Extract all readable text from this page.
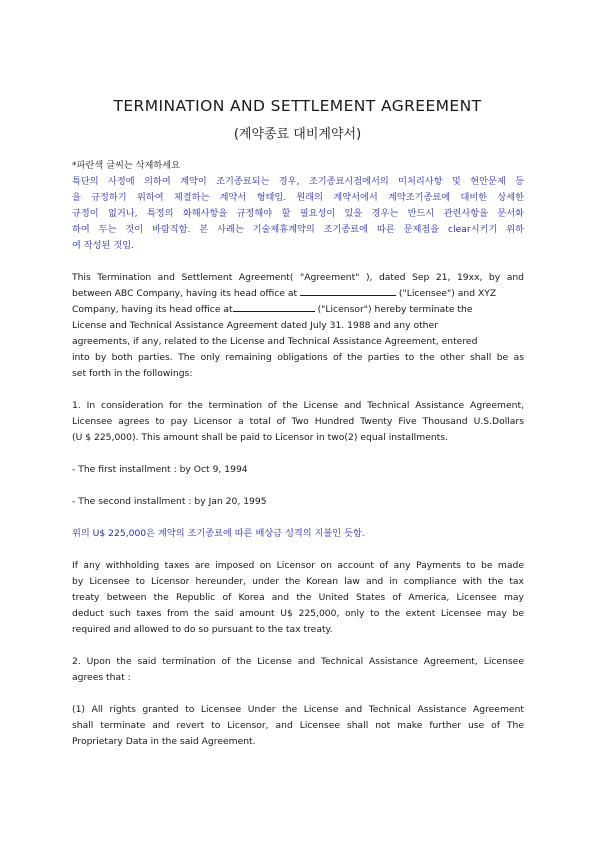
TERMINATION AND SETTLEMENT AGREEMENT
(계약종료 대비계약서)
*파란색 글씨는 삭제하세요
특단의 사정에 의하여 계약이 조기종료되는 경우, 조기종료시점에서의 미처리사항 및 현안문제 등
을 규정하기 위하여 체결하는 계약서 형태임. 원래의 계약서에서 계약조기종료에 대비한 상세한
규정이 없거나, 특정의 화해사항을 규정해야 할 필요성이 있을 경우는 반드시 관련사항을 문서화
하여 두는 것이 바람직함. 본 사례는 기술제휴계약의 조기종료에 따른 문제점을 clear시키기 위하
여 작성된 것임.
This Termination and Settlement Agreement( "Agreement" ), dated Sep 21, 19xx, by and
between ABC Company, having its head office at	("Licensee") and XYZ
Company, having its head office at	("Licensor") hereby terminate the
License and Technical Assistance Agreement dated July 31. 1988 and any other
agreements, if any, related to the License and Technical Assistance Agreement, entered
into by both parties. The only remaining obligations of the parties to the other shall be as
set forth in the followings:
1. In consideration for the termination of the License and Technical Assistance Agreement,
Licensee agrees to pay Licensor a total of Two Hundred Twenty Five Thousand U.S.Dollars
(U $ 225,000). This amount shall be paid to Licensor in two(2) equal installments.
- The first installment : by Oct 9, 1994
- The second installment : by Jan 20, 1995
위의 U$ 225,000은 계약의 조기종료에 따른 배상금 성격의 지불인 듯함.
If any withholding taxes are imposed on Licensor on account of any Payments to be made
by Licensee to Licensor hereunder, under the Korean law and in compliance with the tax
treaty between the Republic of Korea and the United States of America, Licensee may
deduct such taxes from the said amount U$ 225,000, only to the extent Licensee may be
required and allowed to do so pursuant to the tax treaty.
2. Upon the said termination of the License and Technical Assistance Agreement, Licensee
agrees that :
(1) All rights granted to Licensee Under the License and Technical Assistance Agreement
shall terminate and revert to Licensor, and Licensee shall not make further use of The
Proprietary Data in the said Agreement.
